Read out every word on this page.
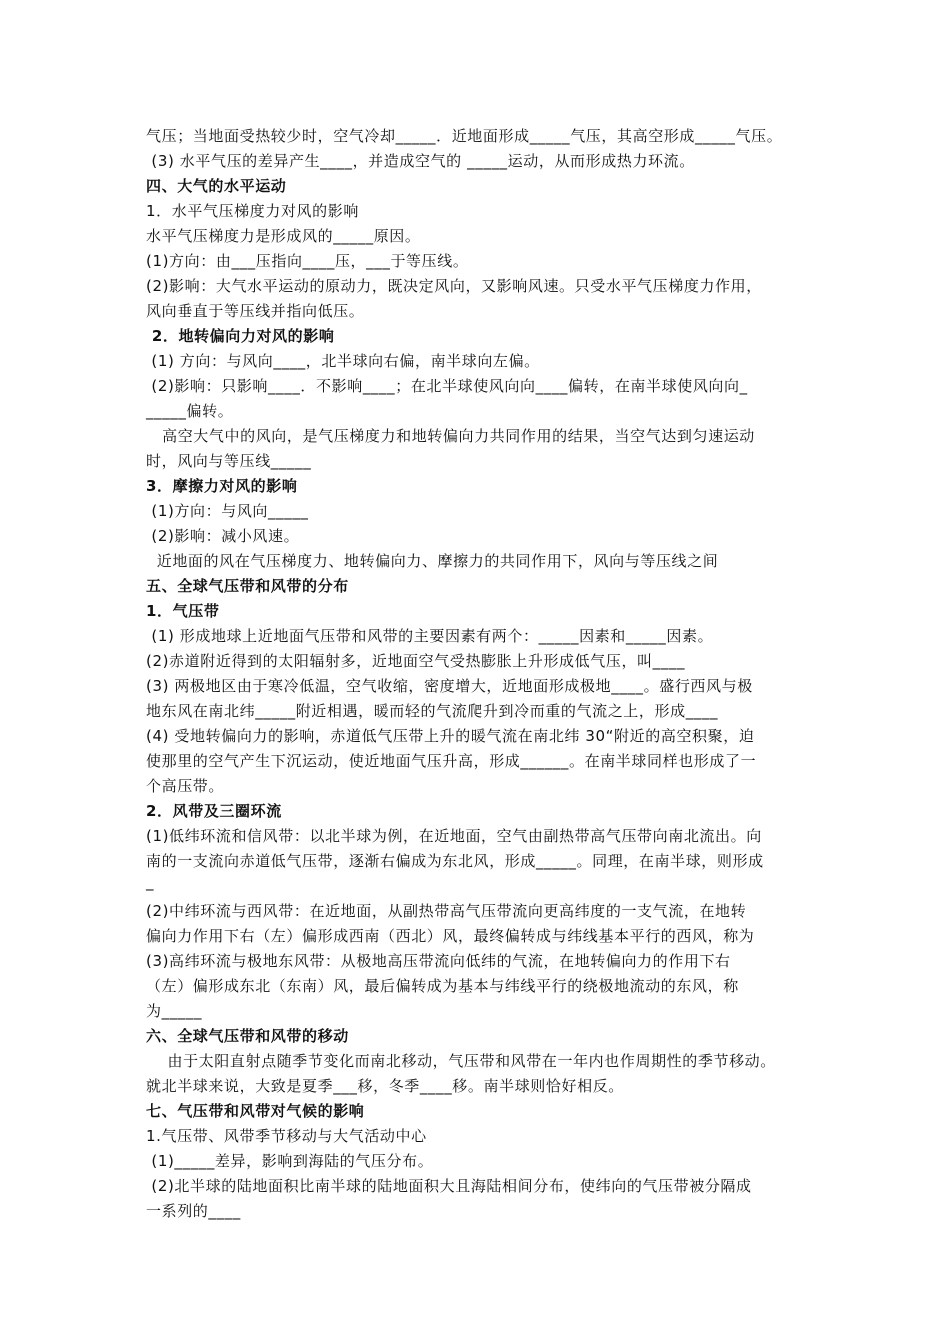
气压；当地面受热较少时，空气冷却_____．近地面形成_____气压，其高空形成_____气压。
(3) 水平气压的差异产生____，并造成空气的 _____运动，从而形成热力环流。
四、大气的水平运动
1．水平气压梯度力对风的影响
水平气压梯度力是形成风的_____原因。
(1)方向：由___压指向____压，___于等压线。
(2)影响：大气水平运动的原动力，既决定风向，又影响风速。只受水平气压梯度力作用，
风向垂直于等压线并指向低压。
2．地转偏向力对风的影响
(1) 方向：与风向____，北半球向右偏，南半球向左偏。
(2)影响：只影响____．不影响____；在北半球使风向向____偏转，在南半球使风向向_
_____偏转。
高空大气中的风向，是气压梯度力和地转偏向力共同作用的结果，当空气达到匀速运动
时，风向与等压线_____
3．摩擦力对风的影响
(1)方向：与风向_____
(2)影响：减小风速。
近地面的风在气压梯度力、地转偏向力、摩擦力的共同作用下，风向与等压线之间
五、全球气压带和风带的分布
1．气压带
(1) 形成地球上近地面气压带和风带的主要因素有两个：_____因素和_____因素。
(2)赤道附近得到的太阳辐射多，近地面空气受热膨胀上升形成低气压，叫____
(3) 两极地区由于寒冷低温，空气收缩，密度增大，近地面形成极地____。盛行西风与极
地东风在南北纬_____附近相遇，暖而轻的气流爬升到冷而重的气流之上，形成____
(4) 受地转偏向力的影响，赤道低气压带上升的暖气流在南北纬 30“附近的高空积聚，迫
使那里的空气产生下沉运动，使近地面气压升高，形成______。在南半球同样也形成了一
个高压带。
2．风带及三圈环流
(1)低纬环流和信风带：以北半球为例，在近地面，空气由副热带高气压带向南北流出。向
南的一支流向赤道低气压带，逐渐右偏成为东北风，形成_____。同理，在南半球，则形成
_
(2)中纬环流与西风带：在近地面，从副热带高气压带流向更高纬度的一支气流，在地转
偏向力作用下右（左）偏形成西南（西北）风，最终偏转成与纬线基本平行的西风，称为
(3)高纬环流与极地东风带：从极地高压带流向低纬的气流，在地转偏向力的作用下右
（左）偏形成东北（东南）风，最后偏转成为基本与纬线平行的绕极地流动的东风，称
为_____
六、全球气压带和风带的移动
由于太阳直射点随季节变化而南北移动，气压带和风带在一年内也作周期性的季节移动。
就北半球来说，大致是夏季___移，冬季____移。南半球则恰好相反。
七、气压带和风带对气候的影响
1.气压带、风带季节移动与大气活动中心
(1)_____差异，影响到海陆的气压分布。
(2)北半球的陆地面积比南半球的陆地面积大且海陆相间分布，使纬向的气压带被分隔成
一系列的____
